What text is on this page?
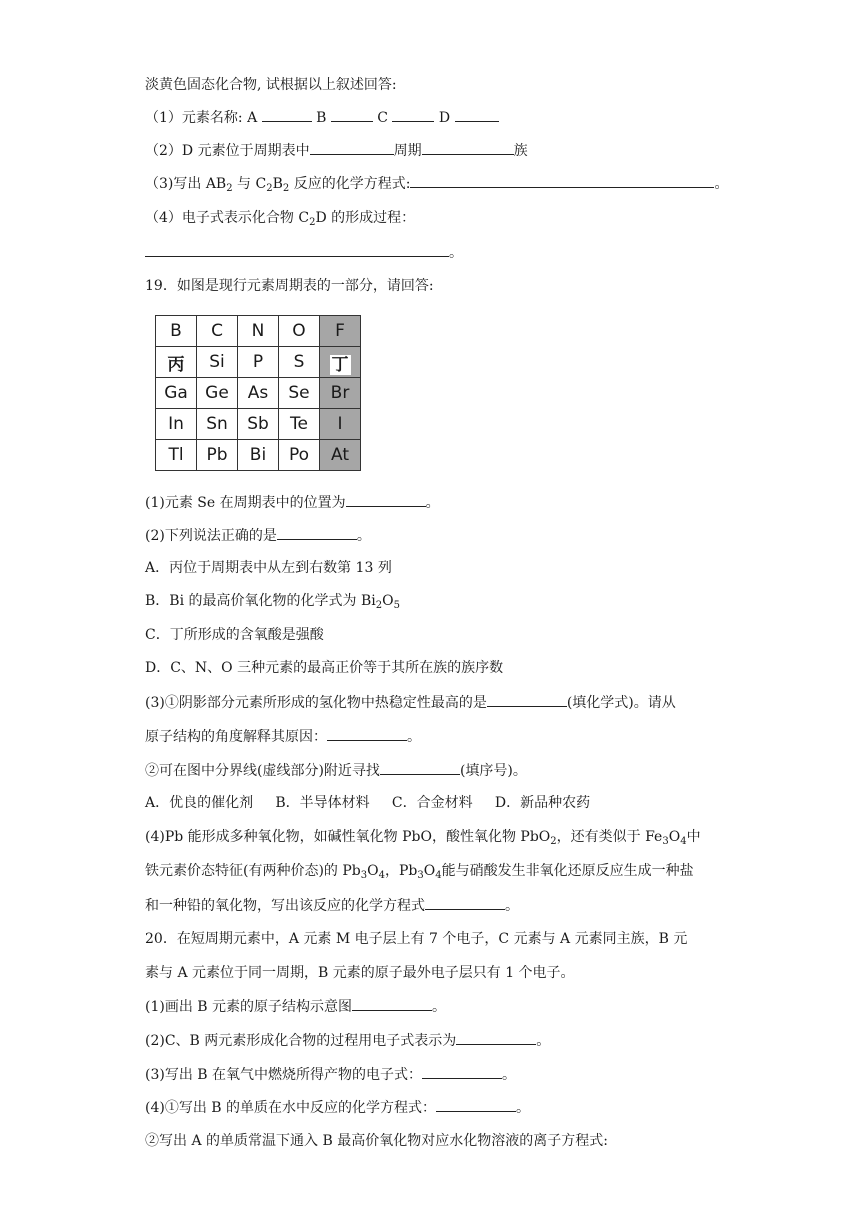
淡黄色固态化合物, 试根据以上叙述回答:
（1）元素名称: A	B	C	D
（2）D 元素位于周期表中	周期	族
（3)写出 $AB_2$ 与 $C_2B_2$ 反应的化学方程式:	。
（4）电子式表示化合物 $C_2D$ 的形成过程：
。
19．如图是现行元素周期表的一部分，请回答:
B	C	N	O	F
丙	Si	P	S	丁
Ga	Ge	As	Se	Br
In	Sn	Sb	Te	I
Tl	Pb	Bi	Po	At
(1)元素 Se 在周期表中的位置为	。
(2)下列说法正确的是	。
A．丙位于周期表中从左到右数第 13 列
B．Bi 的最高价氧化物的化学式为 $Bi_2O_5$
C．丁所形成的含氧酸是强酸
D．C、N、O 三种元素的最高正价等于其所在族的族序数
(3)①阴影部分元素所形成的氢化物中热稳定性最高的是	(填化学式)。请从
原子结构的角度解释其原因：	。
②可在图中分界线(虚线部分)附近寻找	(填序号)。
A．优良的催化剂     B．半导体材料     C．合金材料     D．新品种农药
(4)Pb 能形成多种氧化物，如碱性氧化物 PbO，酸性氧化物 PbO$_2$，还有类似于 $Fe_3O_4$中
铁元素价态特征(有两种价态)的 $Pb_3O_4$，$Pb_3O_4$能与硝酸发生非氧化还原反应生成一种盐
和一种铅的氧化物，写出该反应的化学方程式	。
20．在短周期元素中，A 元素 M 电子层上有 7 个电子，C 元素与 A 元素同主族，B 元
素与 A 元素位于同一周期，B 元素的原子最外电子层只有 1 个电子。
(1)画出 B 元素的原子结构示意图	。
(2)C、B 两元素形成化合物的过程用电子式表示为	。
(3)写出 B 在氧气中燃烧所得产物的电子式：	。
(4)①写出 B 的单质在水中反应的化学方程式：	。
②写出 A 的单质常温下通入 B 最高价氧化物对应水化物溶液的离子方程式:
